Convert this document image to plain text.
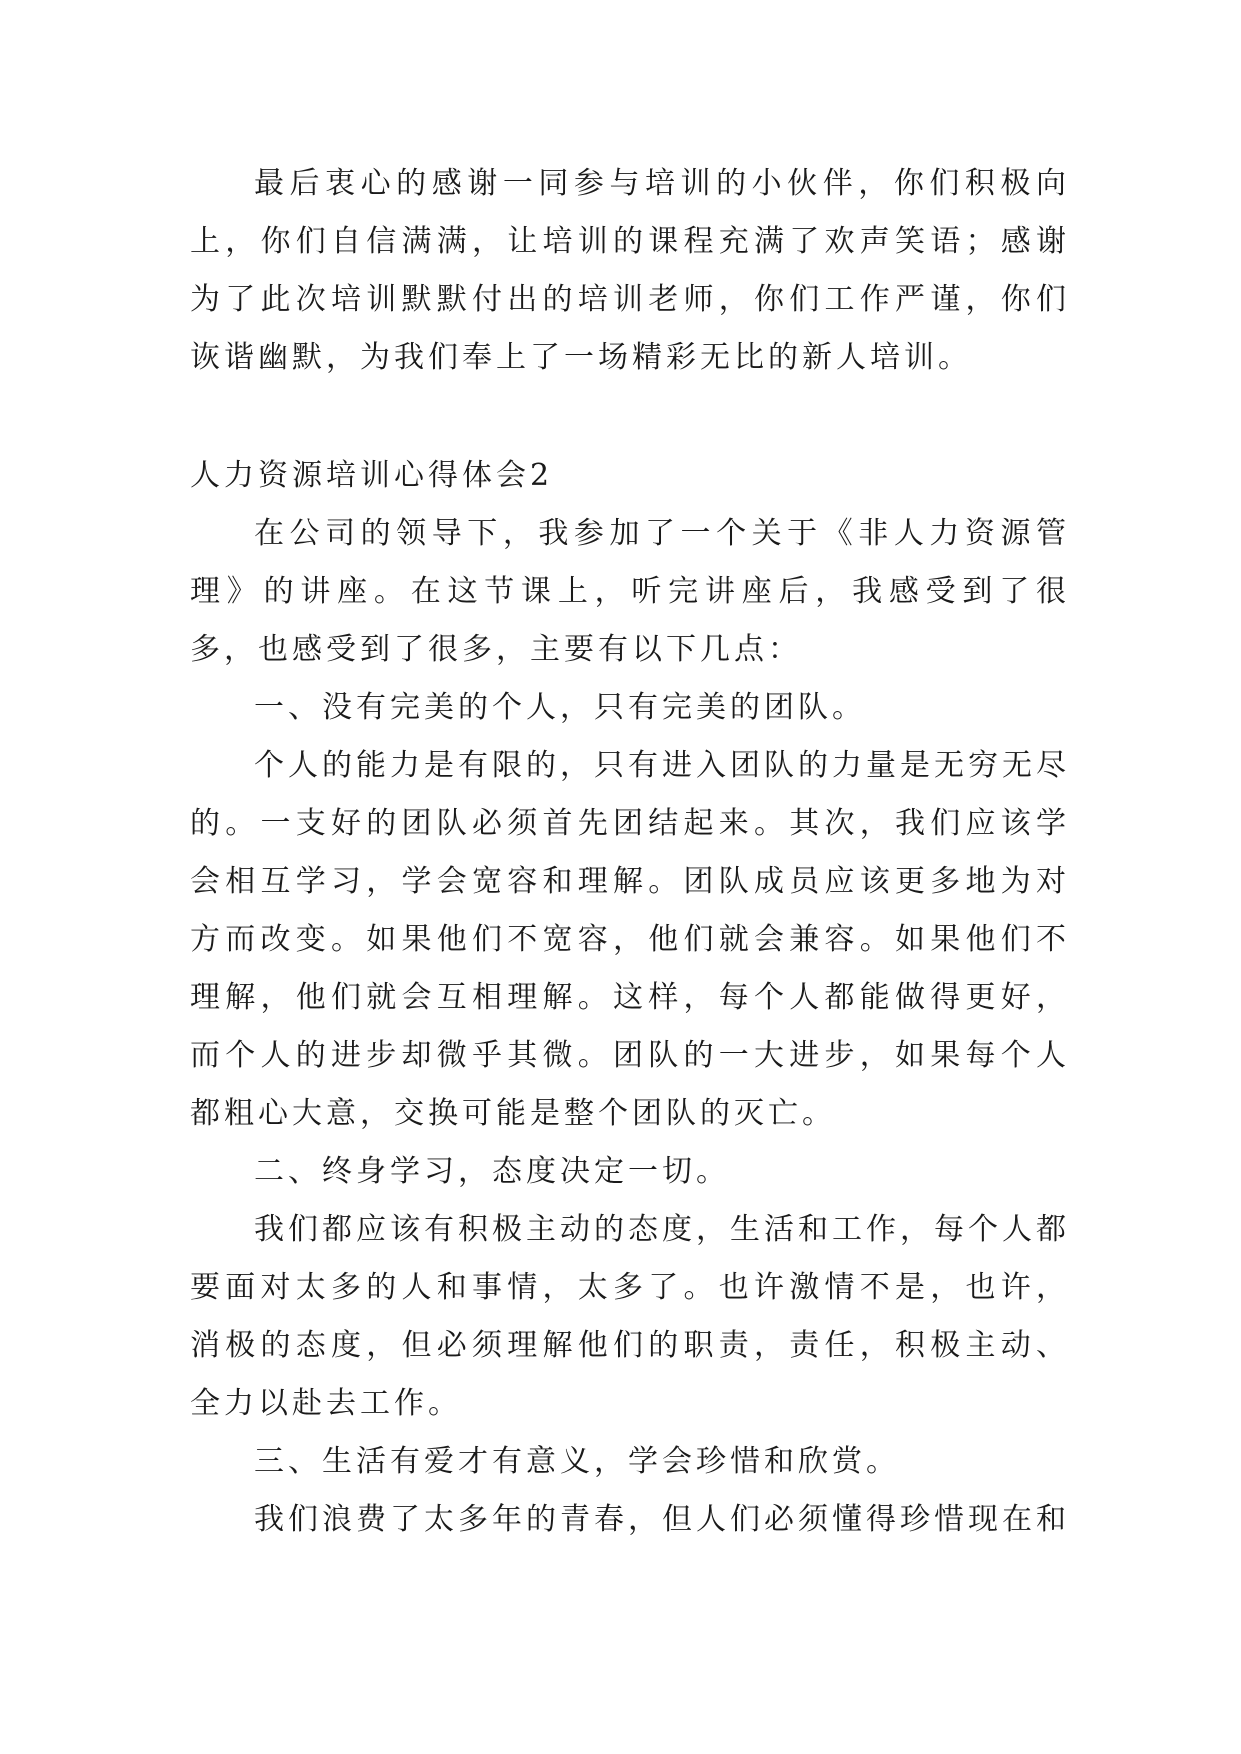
最后衷心的感谢一同参与培训的小伙伴，你们积极向上，你们自信满满，让培训的课程充满了欢声笑语；感谢为了此次培训默默付出的培训老师，你们工作严谨，你们诙谐幽默，为我们奉上了一场精彩无比的新人培训。

人力资源培训心得体会2

在公司的领导下，我参加了一个关于《非人力资源管理》的讲座。在这节课上，听完讲座后，我感受到了很多，也感受到了很多，主要有以下几点：

一、没有完美的个人，只有完美的团队。

个人的能力是有限的，只有进入团队的力量是无穷无尽的。一支好的团队必须首先团结起来。其次，我们应该学会相互学习，学会宽容和理解。团队成员应该更多地为对方而改变。如果他们不宽容，他们就会兼容。如果他们不理解，他们就会互相理解。这样，每个人都能做得更好，而个人的进步却微乎其微。团队的一大进步，如果每个人都粗心大意，交换可能是整个团队的灭亡。

二、终身学习，态度决定一切。

我们都应该有积极主动的态度，生活和工作，每个人都要面对太多的人和事情，太多了。也许激情不是，也许，消极的态度，但必须理解他们的职责，责任，积极主动、全力以赴去工作。

三、生活有爱才有意义，学会珍惜和欣赏。

我们浪费了太多年的青春，但人们必须懂得珍惜现在和
